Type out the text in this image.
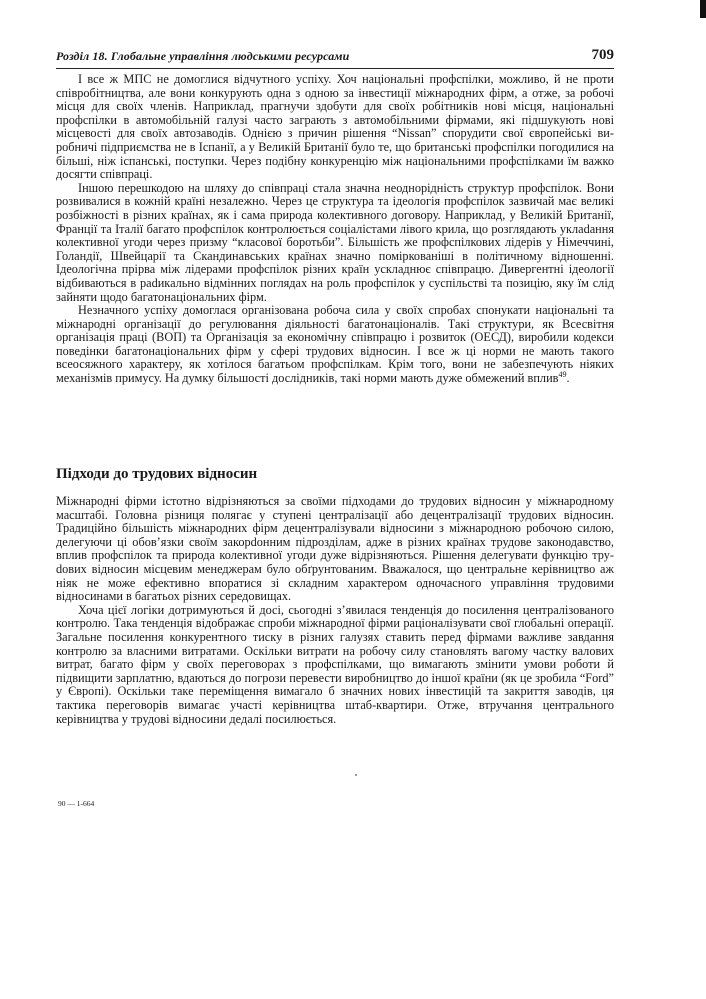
Розділ 18. Глобальне управління людськими ресурсами	709

І все ж МПС не домоглися відчутного успіху. Хоч національні профспілки, можливо, й не проти співробітництва, але вони конкурують одна з одною за інвестиції міжнародних фірм, а отже, за робочі місця для своїх членів. Наприклад, прагнучи здобути для своїх робітників нові місця, національні профспілки в автомобільній галузі часто заграють з автомобільними фірмами, які підшукують нові місцевості для своїх автозаводів. Однією з причин рішення “Nissan” спорудити свої європейські виробничі підприємства не в Іспанії, а у Великій Британії було те, що британські профспілки погодилися на більші, ніж іспанські, поступки. Через подібну конкуренцію між національними профспілками їм важко досягти співпраці.

Іншою перешкодою на шляху до співпраці стала значна неоднорідність структур профспілок. Вони розвивалися в кожній країні незалежно. Через це структура та ідеологія профспілок зазвичай має великі розбіжності в різних країнах, як і сама природа колективного договору. Наприклад, у Великій Британії, Франції та Італії багато профспілок контролюється соціалістами лівого крила, що розглядають уклаdання колективної угоди через призму “класової боротьби”. Більшість же профспілкових лідерів у Німеччині, Голандії, Швейцарії та Скандинавських країнах значно поміркованіші в політичному відношенні. Ідеологічна прірва між лідерами профспілок різних країн ускладнює співпрацю. Дивергентні ідеології відбиваються в раdикально відмінних поглядах на роль профспілок у суспільстві та позицію, яку їм слід зайняти щодо багатонаціональних фірм.

Незначного успіху домоглася організована робоча сила у своїх спробах спонукати національні та міжнародні організації до регулювання діяльності багатонаціоналів. Такі структури, як Всесвітня організація праці (ВОП) та Організація за економічну співпрацю і розвиток (ОЕСД), виробили кодекси поведінки багатонаціональних фірм у сфері трудових відносин. І все ж ці норми не мають такого всеосяжного характеру, як хотілося багатьом профспілкам. Крім того, вони не забезпечують ніяких механізмів примусу. На думку більшості дослідників, такі норми мають дуже обмежений вплив$^{49}$.

Підходи до трудових відносин

Міжнародні фірми істотно відрізняються за своїми підходами до трудових відносин у міжнародному масштабі. Головна різниця полягає у ступені централізації або децентралізації трудових відносин. Традиційно більшість міжнародних фірм децентралізували відносини з міжнародною робочою силою, делегуючи ці обов’язки своїм закорdонним підрозділам, адже в різних країнах трудове законодавство, вплив профспілок та природа колективної угоди дуже відрізняються. Рішення делегувати функцію труdових відносин місцевим менеджерам було обґрунтованим. Вважалося, що центральне керівництво аж ніяк не може ефективно впоратися зі складним характером одночасного управління трудовими відносинами в багатьох різних середовищах.

Хоча цієї логіки дотримуються й досі, сьогодні з’явилася тенденція до посилення централізованого контролю. Така тенденція відображає спроби міжнародної фірми раціоналізувати свої глобальні операції. Загальне посилення конкурентного тиску в різних галузях ставить перед фірмами важливе завдання контролю за власними витратами. Оскільки витрати на робочу силу становлять вагому частку валових витрат, багато фірм у своїх переговорах з профспілками, що вимагають змінити умови роботи й підвищити зарплатню, вдаються до погрози перевести виробництво до іншої країни (як це зробила “Ford” у Європі). Оскільки таке переміщення вимагало б значних нових інвестицій та закриття заводів, ця тактика переговорів вимагає участі керівництва штаб-квартири. Отже, втручання центрального керівництва у трудові відносини дедалі посилюється.

90 — 1-664
